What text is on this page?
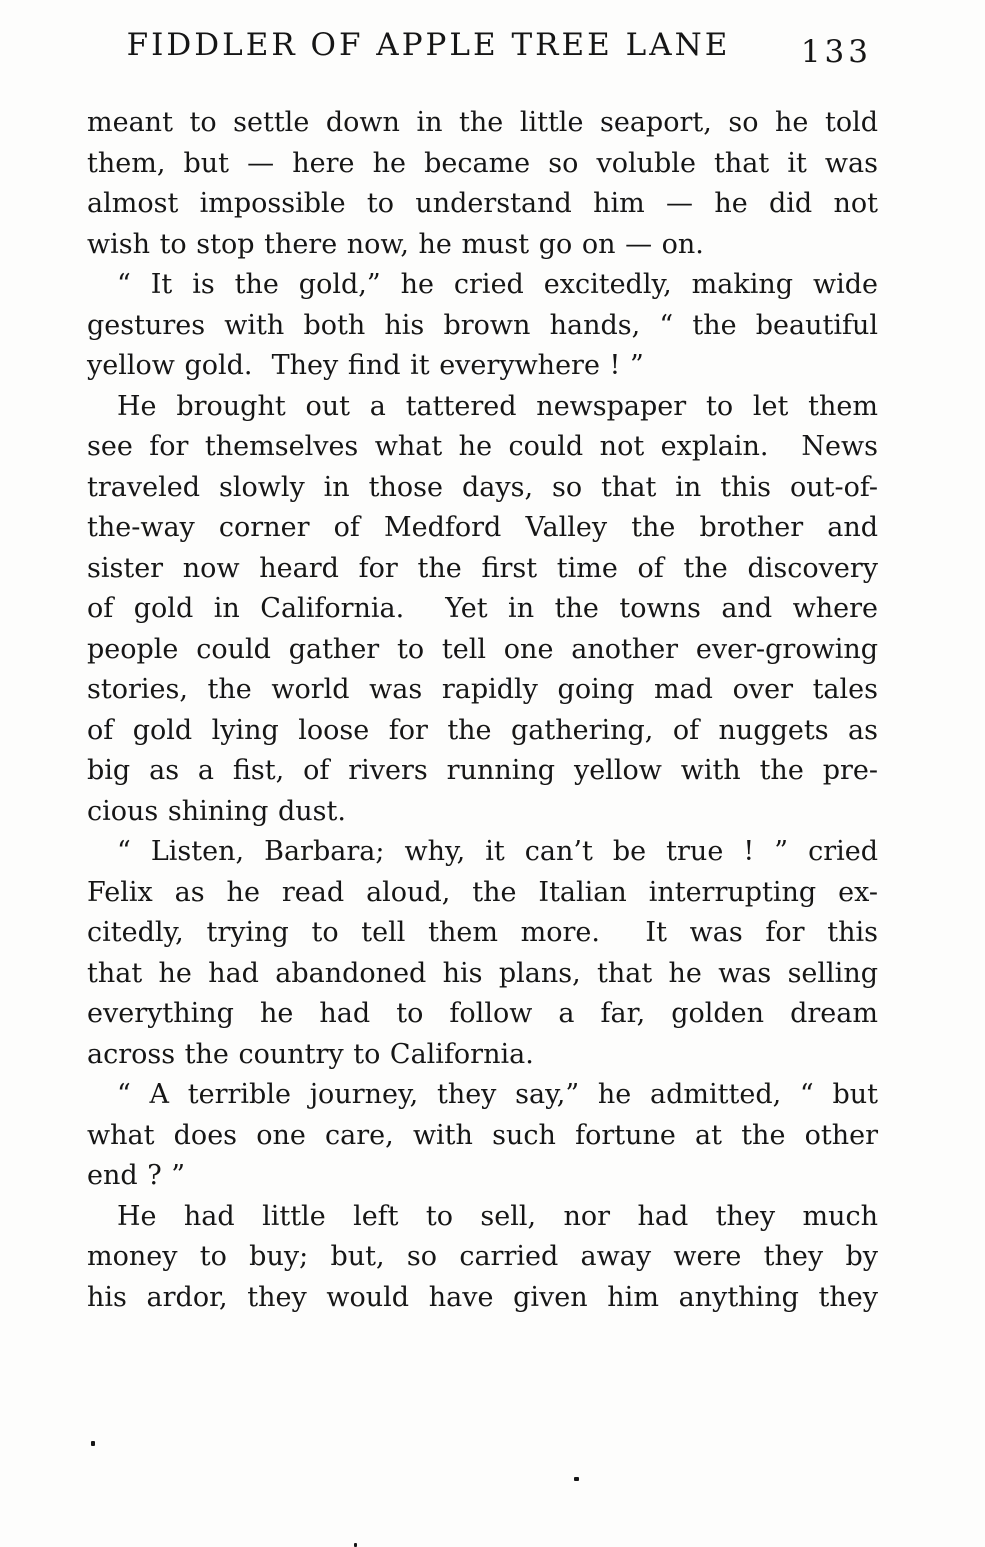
FIDDLER OF APPLE TREE LANE	133
meant to settle down in the little seaport, so he told
them, but — here he became so voluble that it was
almost impossible to understand him — he did not
wish to stop there now, he must go on — on.
“ It is the gold,” he cried excitedly, making wide
gestures with both his brown hands, “ the beautiful
yellow gold.  They find it everywhere ! ”
He brought out a tattered newspaper to let them
see for themselves what he could not explain.  News
traveled slowly in those days, so that in this out-of-
the-way corner of Medford Valley the brother and
sister now heard for the first time of the discovery
of gold in California.  Yet in the towns and where
people could gather to tell one another ever-growing
stories, the world was rapidly going mad over tales
of gold lying loose for the gathering, of nuggets as
big as a fist, of rivers running yellow with the pre-
cious shining dust.
“ Listen, Barbara; why, it can’t be true ! ” cried
Felix as he read aloud, the Italian interrupting ex-
citedly, trying to tell them more.  It was for this
that he had abandoned his plans, that he was selling
everything he had to follow a far, golden dream
across the country to California.
“ A terrible journey, they say,” he admitted, “ but
what does one care, with such fortune at the other
end ? ”
He had little left to sell, nor had they much
money to buy; but, so carried away were they by
his ardor, they would have given him anything they
